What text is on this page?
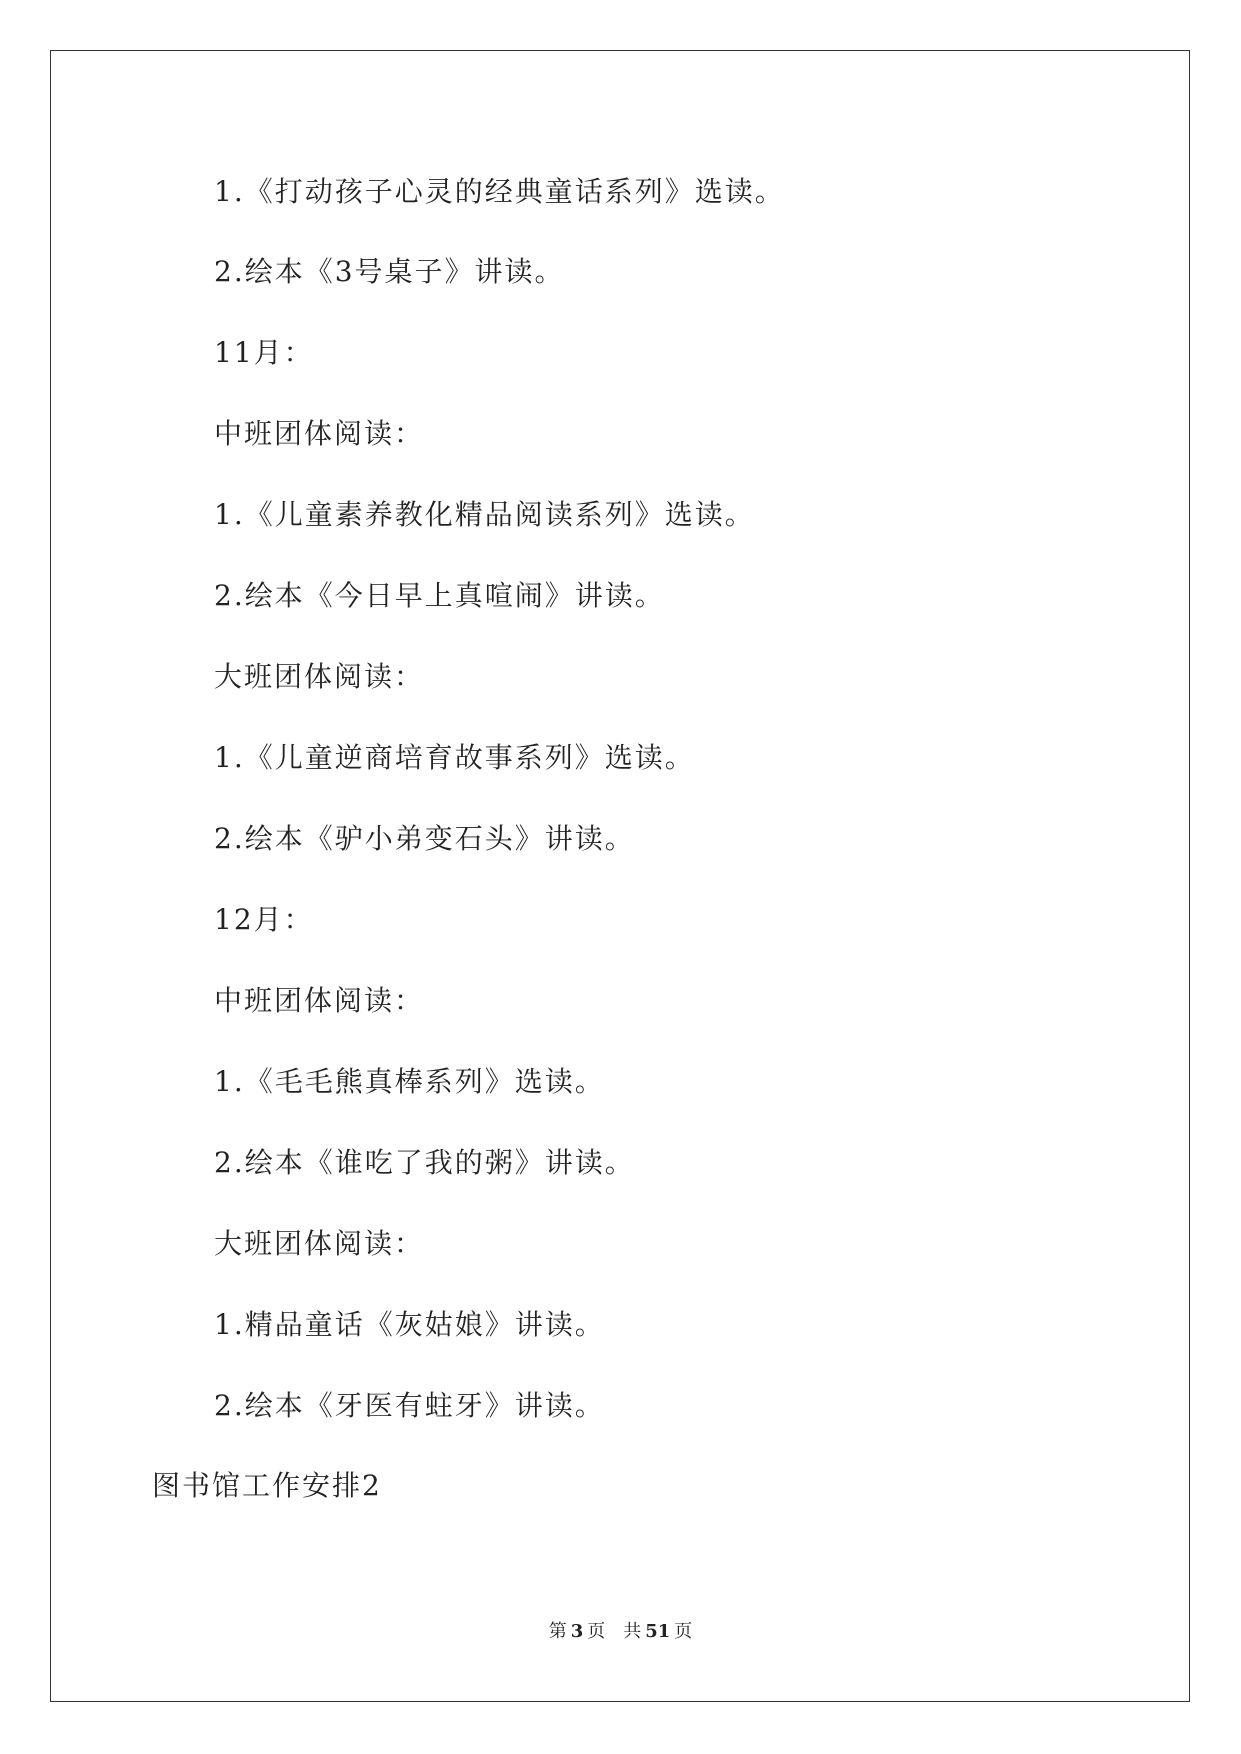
1.《打动孩子心灵的经典童话系列》选读。
2.绘本《3号桌子》讲读。
11月：
中班团体阅读：
1.《儿童素养教化精品阅读系列》选读。
2.绘本《今日早上真喧闹》讲读。
大班团体阅读：
1.《儿童逆商培育故事系列》选读。
2.绘本《驴小弟变石头》讲读。
12月：
中班团体阅读：
1.《毛毛熊真棒系列》选读。
2.绘本《谁吃了我的粥》讲读。
大班团体阅读：
1.精品童话《灰姑娘》讲读。
2.绘本《牙医有蛀牙》讲读。
图书馆工作安排2
第 3 页 共 51 页
